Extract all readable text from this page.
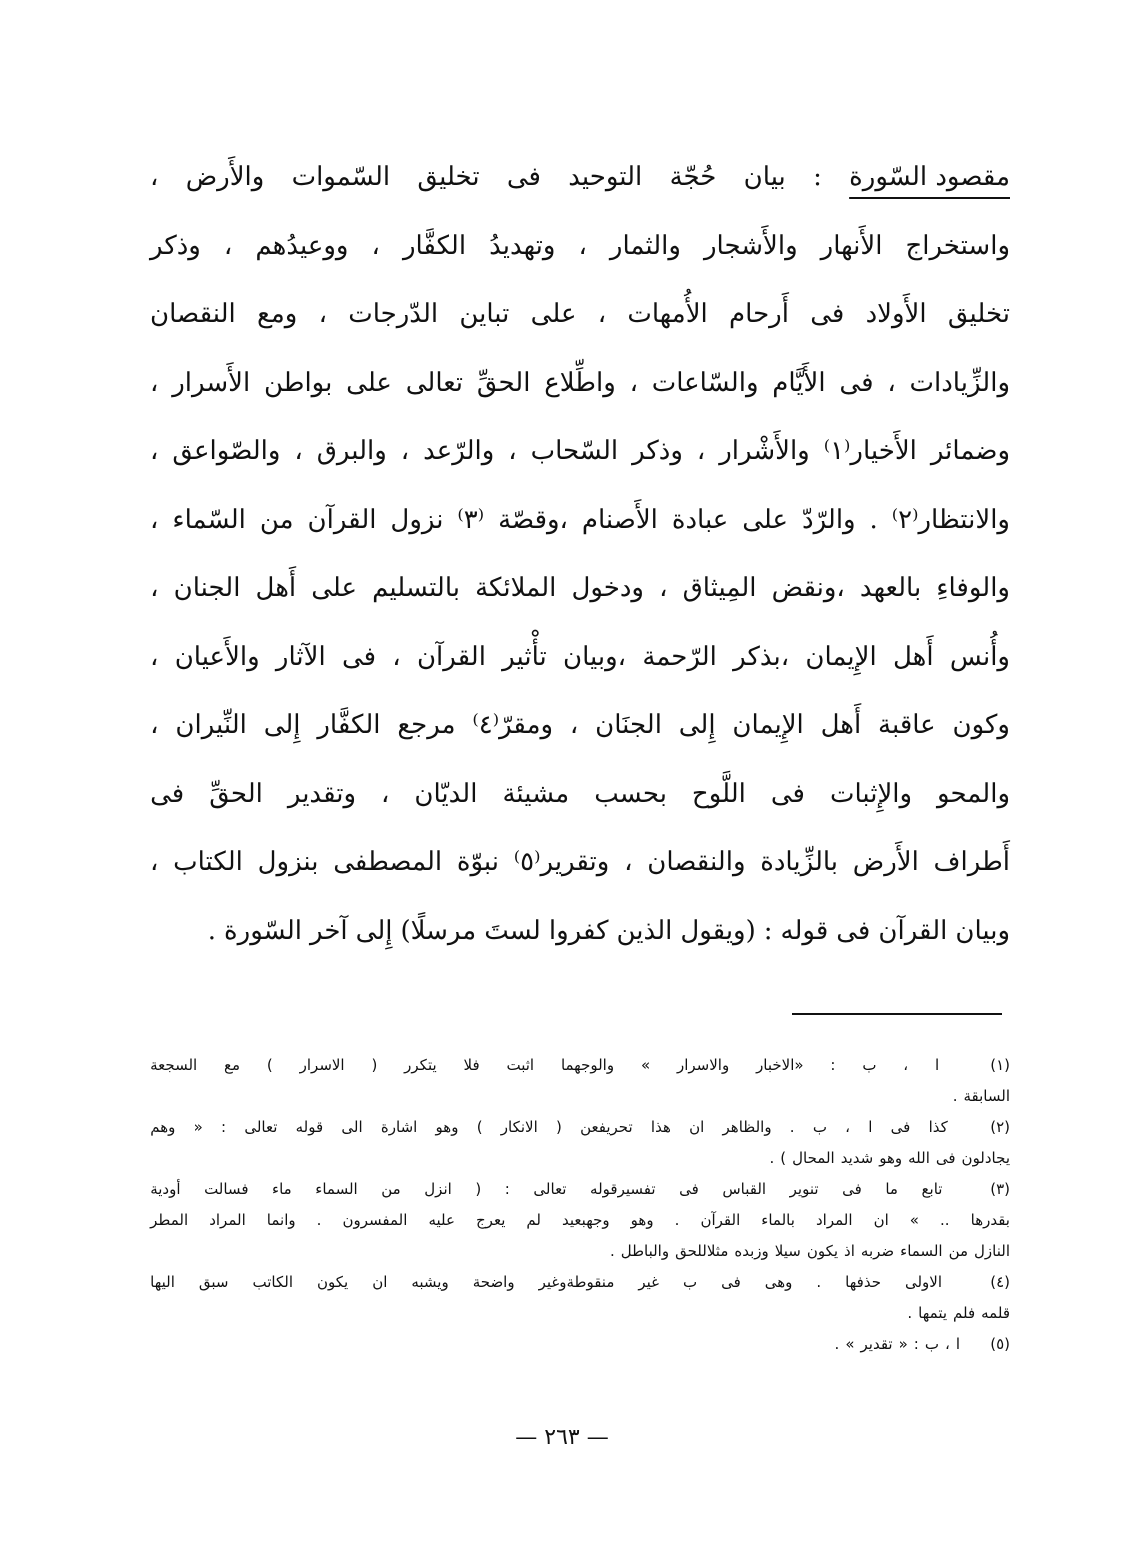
مقصود السّورة
:
بيان
حُجّة
التوحيد
فى
تخليق
السّموات
والأَرض
،
واستخراج
الأَنهار
والأَشجار
والثمار
،
وتهديدُ
الكفَّار
،
ووعيدُهم
،
وذكر
تخليق
الأَولاد
فى
أَرحام
الأُمهات
،
على
تباين
الدّرجات
،
ومع
النقصان
والزِّيادات
،
فى
الأَيَّام
والسّاعات
،
واطِّلاع
الحقِّ
تعالى
على
بواطن
الأَسرار
،
وضمائر
الأَخيار⁽١⁾
والأَشْرار
،
وذكر
السّحاب
،
والرّعد
،
والبرق
،
والصّواعق
،
والانتظار⁽٢⁾
.
والرّدّ
على
عبادة
الأَصنام
،وقصّة
⁽٣⁾
نزول
القرآن
من
السّماء
،
والوفاءِ
بالعهد
،ونقض
المِيثاق
،
ودخول
الملائكة
بالتسليم
على
أَهل
الجنان
،
وأُنس
أَهل
الإِيمان
،بذكر
الرّحمة
،وبيان
تأْثير
القرآن
،
فى
الآثار
والأَعيان
،
وكون
عاقبة
أَهل
الإِيمان
إِلى
الجنَان
،
ومقرّ⁽٤⁾
مرجع
الكفَّار
إِلى
النِّيران
،
والمحو
والإِثبات
فى
اللَّوح
بحسب
مشيئة
الديّان
،
وتقدير
الحقِّ
فى
أَطراف
الأَرض
بالزِّيادة
والنقصان
،
وتقرير⁽٥⁾
نبوّة
المصطفى
بنزول
الكتاب
،
وبيان
القرآن
فى
قوله
:
(ويقول
الذين
كفروا
لستَ
مرسلًا)
إِلى
آخر
السّورة
.
(١)
ا
،
ب
:
«الاخبار
والاسرار
»
والوجهما
اثبت
فلا
يتكرر
(
الاسرار
)
مع
السجعة
السابقة
.
(٢)
كذا
فى
ا
،
ب
.
والظاهر
ان
هذا
تحريفعن
(
الانكار
)
وهو
اشارة
الى
قوله
تعالى
:
«
وهم
يجادلون
فى
الله
وهو
شديد
المحال
)
.
(٣)
تابع
ما
فى
تنوير
القباس
فى
تفسيرقوله
تعالى
:
(
انزل
من
السماء
ماء
فسالت
أودية
بقدرها
..
»
ان
المراد
بالماء
القرآن
.
وهو
وجهبعيد
لم
يعرج
عليه
المفسرون
.
وانما
المراد
المطر
النازل
من
السماء
ضربه
اذ
يكون
سيلا
وزبده
مثلاللحق
والباطل
.
(٤)
الاولى
حذفها
.
وهى
فى
ب
غير
منقوطةوغير
واضحة
ويشبه
ان
يكون
الكاتب
سبق
اليها
قلمه
فلم
يتمها
.
(٥)
ا
،
ب
:
«
تقدير
»
.
— ٢٦٣ —
